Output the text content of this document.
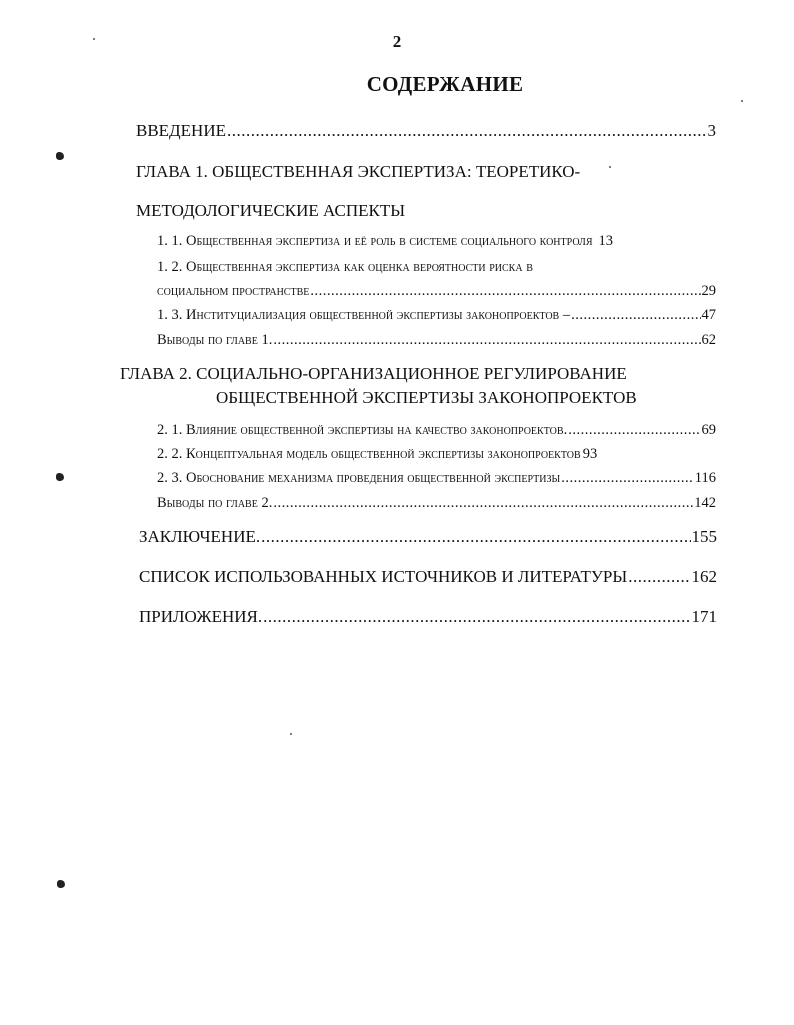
2
СОДЕРЖАНИЕ
ВВЕДЕНИЕ .....	3
ГЛАВА 1. ОБЩЕСТВЕННАЯ ЭКСПЕРТИЗА: ТЕОРЕТИКО-
МЕТОДОЛОГИЧЕСКИЕ АСПЕКТЫ
1. 1. Общественная экспертиза и её роль в системе социального контроля 13
1. 2. Общественная экспертиза как оценка вероятности риска в
социальном пространстве .....	29
1. 3. Институциализация общественной экспертизы законопроектов – .....	47
Выводы по главе 1. .....	62
ГЛАВА 2. СОЦИАЛЬНО-ОРГАНИЗАЦИОННОЕ РЕГУЛИРОВАНИЕ
ОБЩЕСТВЕННОЙ ЭКСПЕРТИЗЫ ЗАКОНОПРОЕКТОВ
2. 1. Влияние общественной экспертизы на качество законопроектов. .....	69
2. 2. Концептуальная модель общественной экспертизы законопроектов 93
2. 3. Обоснование механизма проведения общественной экспертизы .....	116
Выводы по главе 2. .....	142
ЗАКЛЮЧЕНИЕ. .....	155
СПИСОК ИСПОЛЬЗОВАННЫХ ИСТОЧНИКОВ И ЛИТЕРАТУРЫ .....	162
ПРИЛОЖЕНИЯ. .....	171
